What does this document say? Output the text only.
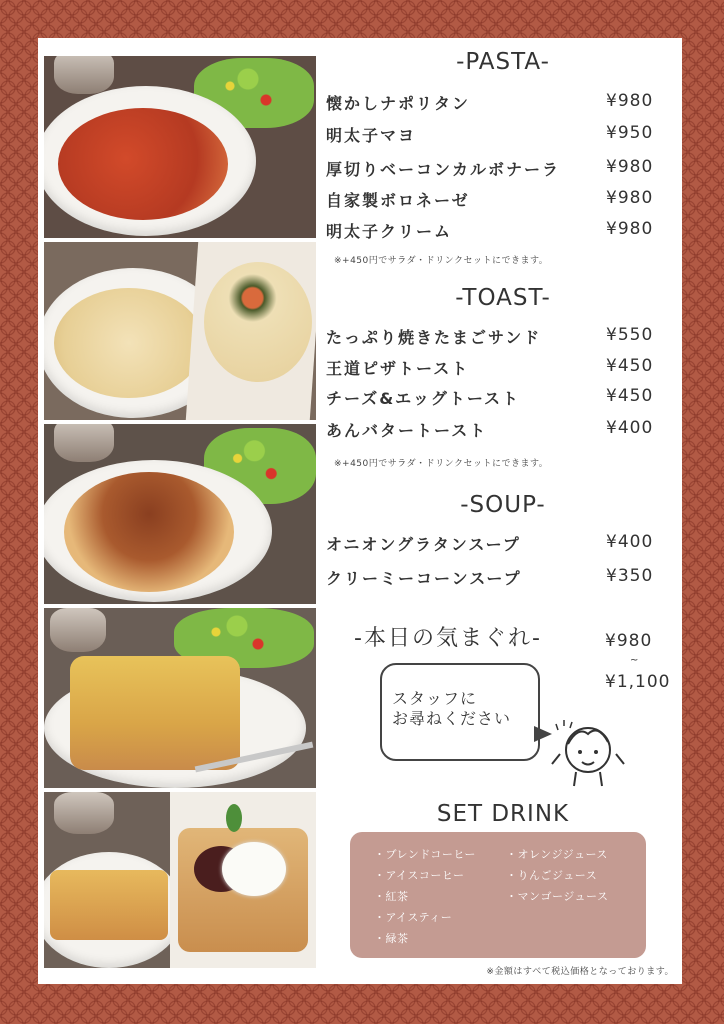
-PASTA-
懐かしナポリタン	¥980
明太子マヨ	¥950
厚切りベーコンカルボナーラ	¥980
自家製ボロネーゼ	¥980
明太子クリーム	¥980
※+450円でサラダ・ドリンクセットにできます。
-TOAST-
たっぷり焼きたまごサンド	¥550
王道ピザトースト	¥450
チーズ&エッグトースト	¥450
あんバタートースト	¥400
※+450円でサラダ・ドリンクセットにできます。
-SOUP-
オニオングラタンスープ	¥400
クリーミーコーンスープ	¥350
-本日の気まぐれ-	¥980
~
¥1,100
スタッフに
お尋ねください
SET DRINK
・ブレンドコーヒー
・アイスコーヒー
・紅茶
・アイスティー
・緑茶
・オレンジジュース
・りんごジュース
・マンゴージュース
※金額はすべて税込価格となっております。
